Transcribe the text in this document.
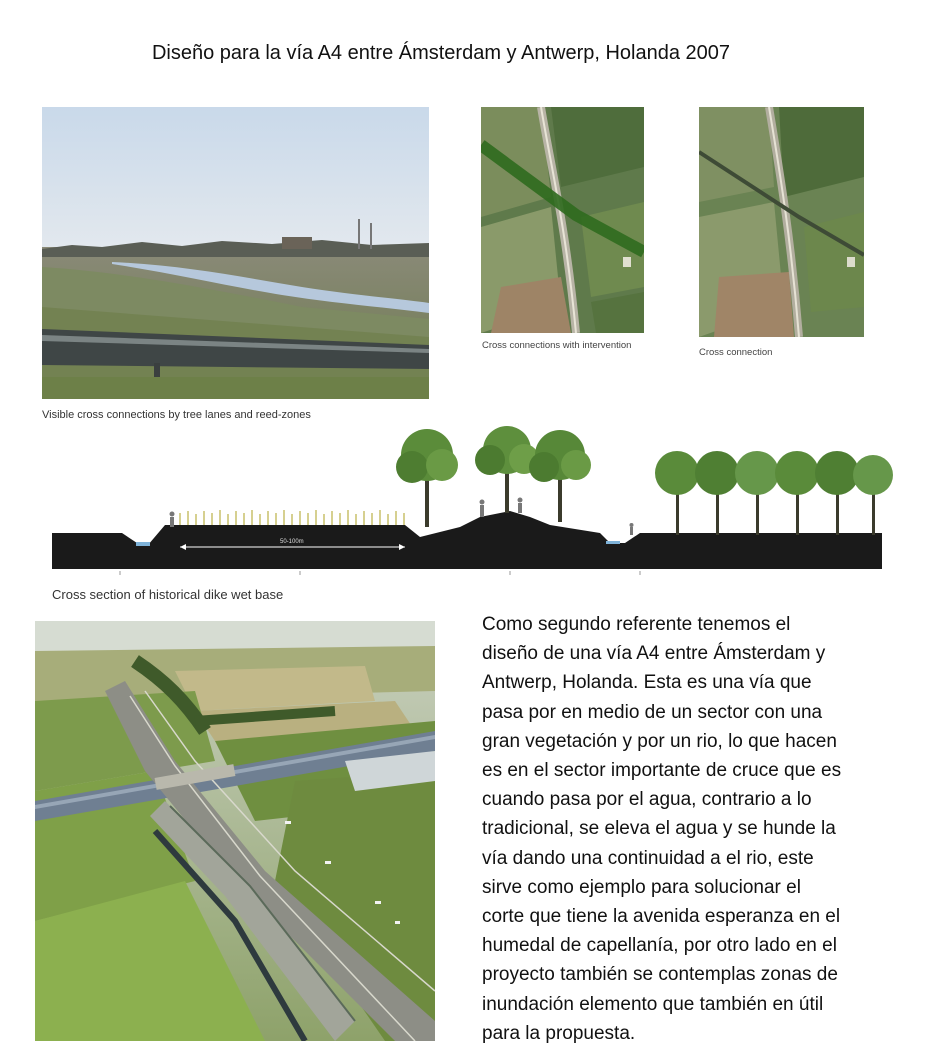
Diseño para la vía A4 entre Ámsterdam y Antwerp, Holanda 2007
Visible cross connections by tree lanes and reed-zones
Cross connections with intervention
Cross connection
50-100m
Cross section of historical dike wet base
Como segundo referente tenemos el
diseño de una vía A4 entre Ámsterdam y
Antwerp, Holanda. Esta es una vía que
pasa por en medio de un sector con una
gran vegetación y por un rio, lo que hacen
es en el sector importante de cruce que es
cuando pasa por el agua, contrario a lo
tradicional, se eleva el agua y se hunde la
vía dando una continuidad a el rio, este
sirve como ejemplo para solucionar el
corte que tiene la avenida esperanza en el
humedal de capellanía, por otro lado en el
proyecto también se contemplas zonas de
inundación elemento que también en útil
para la propuesta.
